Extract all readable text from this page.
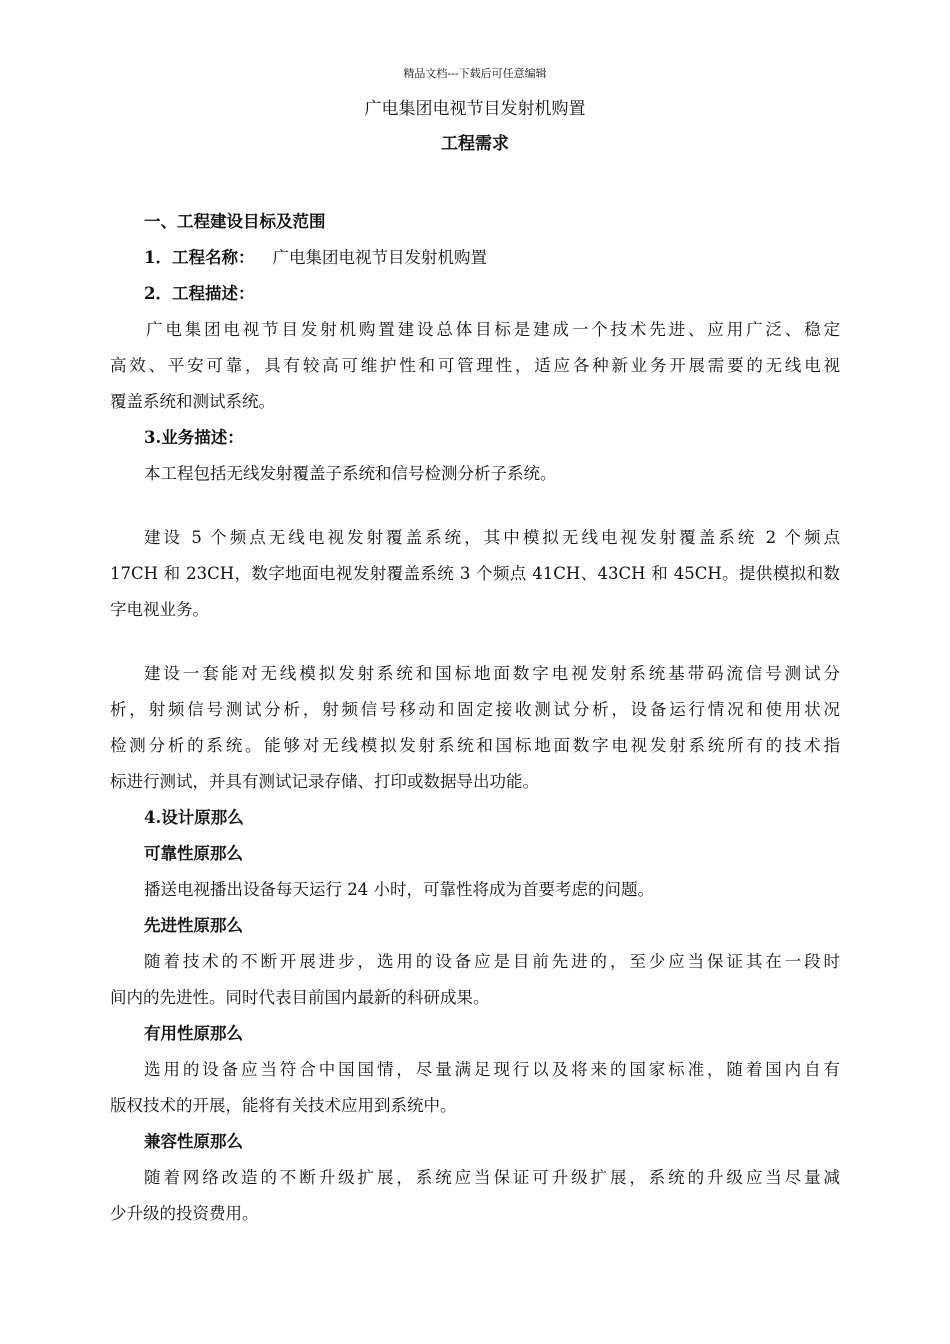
精品文档---下载后可任意编辑
广电集团电视节目发射机购置
工程需求
一、工程建设目标及范围
1．工程名称： 广电集团电视节目发射机购置
2．工程描述：
广电集团电视节目发射机购置建设总体目标是建成一个技术先进、应用广泛、稳定
高效、平安可靠，具有较高可维护性和可管理性，适应各种新业务开展需要的无线电视
覆盖系统和测试系统。
3.业务描述：
本工程包括无线发射覆盖子系统和信号检测分析子系统。
建设 5 个频点无线电视发射覆盖系统，其中模拟无线电视发射覆盖系统 2 个频点
17CH 和 23CH，数字地面电视发射覆盖系统 3 个频点 41CH、43CH 和 45CH。提供模拟和数
字电视业务。
建设一套能对无线模拟发射系统和国标地面数字电视发射系统基带码流信号测试分
析，射频信号测试分析，射频信号移动和固定接收测试分析，设备运行情况和使用状况
检测分析的系统。能够对无线模拟发射系统和国标地面数字电视发射系统所有的技术指
标进行测试，并具有测试记录存储、打印或数据导出功能。
4.设计原那么
可靠性原那么
播送电视播出设备每天运行 24 小时，可靠性将成为首要考虑的问题。
先进性原那么
随着技术的不断开展进步，选用的设备应是目前先进的，至少应当保证其在一段时
间内的先进性。同时代表目前国内最新的科研成果。
有用性原那么
选用的设备应当符合中国国情，尽量满足现行以及将来的国家标准，随着国内自有
版权技术的开展，能将有关技术应用到系统中。
兼容性原那么
随着网络改造的不断升级扩展，系统应当保证可升级扩展，系统的升级应当尽量减
少升级的投资费用。
